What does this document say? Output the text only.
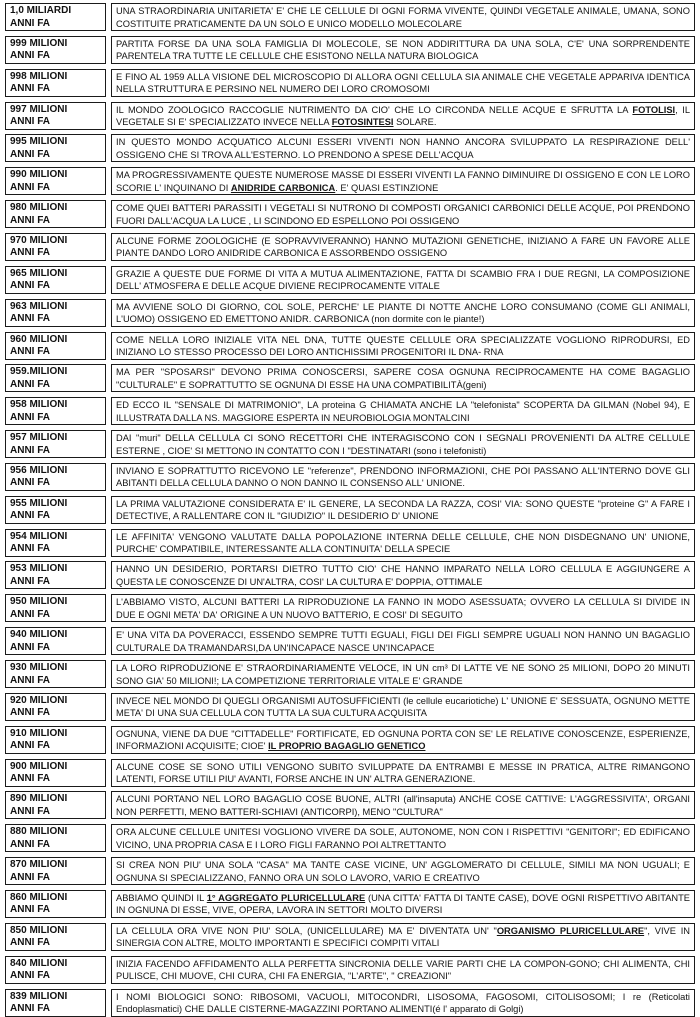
1,0 MILIARDI
ANNI FA
UNA STRAORDINARIA UNITARIETA' E' CHE LE CELLULE DI OGNI FORMA VIVENTE, QUINDI VEGETALE ANIMALE, UMANA, SONO COSTITUITE PRATICAMENTE DA UN SOLO E UNICO MODELLO MOLECOLARE
999 MILIONI
ANNI FA
PARTITA FORSE DA UNA SOLA FAMIGLIA DI MOLECOLE, SE NON ADDIRITTURA DA UNA SOLA, C'E' UNA SORPRENDENTE PARENTELA TRA TUTTE LE CELLULE CHE ESISTONO NELLA NATURA BIOLOGICA
998 MILIONI
ANNI FA
E FINO AL 1959 ALLA VISIONE DEL MICROSCOPIO DI ALLORA OGNI CELLULA SIA ANIMALE CHE VEGETALE APPARIVA IDENTICA NELLA STRUTTURA E PERSINO NEL NUMERO DEI LORO CROMOSOMI
997 MILIONI
ANNI FA
IL MONDO ZOOLOGICO RACCOGLIE NUTRIMENTO DA CIO' CHE LO CIRCONDA NELLE ACQUE E SFRUTTA LA FOTOLISI, IL VEGETALE SI E' SPECIALIZZATO INVECE NELLA FOTOSINTESI SOLARE.
995 MILIONI
ANNI FA
IN QUESTO MONDO ACQUATICO ALCUNI ESSERI VIVENTI NON HANNO ANCORA SVILUPPATO LA RESPIRAZIONE DELL' OSSIGENO CHE SI TROVA ALL'ESTERNO. LO PRENDONO A SPESE DELL'ACQUA
990 MILIONI
ANNI FA
MA PROGRESSIVAMENTE QUESTE NUMEROSE MASSE DI ESSERI VIVENTI LA FANNO DIMINUIRE DI OSSIGENO E CON LE LORO SCORIE L' INQUINANO DI ANIDRIDE CARBONICA. E' QUASI ESTINZIONE
980 MILIONI
ANNI FA
COME QUEI BATTERI PARASSITI I VEGETALI SI NUTRONO DI COMPOSTI ORGANICI CARBONICI DELLE ACQUE, POI PRENDONO FUORI DALL'ACQUA LA LUCE , LI SCINDONO ED ESPELLONO POI OSSIGENO
970 MILIONI
ANNI FA
ALCUNE FORME ZOOLOGICHE (E SOPRAVVIVERANNO) HANNO MUTAZIONI GENETICHE, INIZIANO A FARE UN FAVORE ALLE PIANTE DANDO LORO ANIDRIDE CARBONICA E ASSORBENDO OSSIGENO
965 MILIONI
ANNI FA
GRAZIE A QUESTE DUE FORME DI VITA A MUTUA ALIMENTAZIONE, FATTA DI SCAMBIO FRA I DUE REGNI, LA COMPOSIZIONE DELL' ATMOSFERA E DELLE ACQUE DIVIENE RECIPROCAMENTE VITALE
963 MILIONI
ANNI FA
MA AVVIENE SOLO DI GIORNO, COL SOLE, PERCHE' LE PIANTE DI NOTTE ANCHE LORO CONSUMANO (COME GLI ANIMALI, L'UOMO) OSSIGENO ED EMETTONO ANIDR. CARBONICA (non dormite con le piante!)
960 MILIONI
ANNI FA
COME NELLA LORO INIZIALE VITA NEL DNA, TUTTE QUESTE CELLULE ORA SPECIALIZZATE VOGLIONO RIPRODURSI, ED INIZIANO LO STESSO PROCESSO DEI LORO ANTICHISSIMI PROGENITORI IL DNA- RNA
959.MILIONI
ANNI FA
MA PER "SPOSARSI" DEVONO PRIMA CONOSCERSI, SAPERE COSA OGNUNA RECIPROCAMENTE HA COME BAGAGLIO "CULTURALE" E SOPRATTUTTO SE OGNUNA DI ESSE HA UNA COMPATIBILITÀ(geni)
958 MILIONI
ANNI FA
ED ECCO IL "SENSALE DI MATRIMONIO", LA proteina G CHIAMATA ANCHE LA "telefonista" SCOPERTA DA GILMAN (Nobel 94), E ILLUSTRATA DALLA NS. MAGGIORE ESPERTA IN NEUROBIOLOGIA MONTALCINI
957 MILIONI
ANNI FA
DAI "muri" DELLA CELLULA CI SONO RECETTORI CHE INTERAGISCONO CON I SEGNALI PROVENIENTI DA ALTRE CELLULE ESTERNE , CIOE' SI METTONO IN CONTATTO CON I "DESTINATARI (sono i telefonisti)
956 MILIONI
ANNI FA
INVIANO E SOPRATTUTTO RICEVONO LE "referenze", PRENDONO INFORMAZIONI, CHE POI PASSANO ALL'INTERNO DOVE GLI ABITANTI DELLA CELLULA DANNO O NON DANNO IL CONSENSO ALL' UNIONE.
955 MILIONI
ANNI FA
LA PRIMA VALUTAZIONE CONSIDERATA E' IL GENERE, LA SECONDA LA RAZZA, COSI' VIA: SONO QUESTE "proteine G" A FARE I DETECTIVE, A RALLENTARE CON IL "GIUDIZIO" IL DESIDERIO D' UNIONE
954 MILIONI
ANNI FA
LE AFFINITA' VENGONO VALUTATE DALLA POPOLAZIONE INTERNA DELLE CELLULE, CHE NON DISDEGNANO UN' UNIONE, PURCHE' COMPATIBILE, INTERESSANTE ALLA CONTINUITA' DELLA SPECIE
953 MILIONI
ANNI FA
HANNO UN DESIDERIO, PORTARSI DIETRO TUTTO CIO' CHE HANNO IMPARATO NELLA LORO CELLULA E AGGIUNGERE A QUESTA LE CONOSCENZE DI UN'ALTRA, COSI' LA CULTURA E' DOPPIA, OTTIMALE
950 MILIONI
ANNI FA
L'ABBIAMO VISTO, ALCUNI BATTERI LA RIPRODUZIONE LA FANNO IN MODO ASESSUATA; OVVERO LA CELLULA SI DIVIDE IN DUE E OGNI META' DA' ORIGINE A UN NUOVO BATTERIO, E COSI' DI SEGUITO
940 MILIONI
ANNI FA
E' UNA VITA DA POVERACCI, ESSENDO SEMPRE TUTTI EGUALI, FIGLI DEI FIGLI SEMPRE UGUALI NON HANNO UN BAGAGLIO CULTURALE DA TRAMANDARSI,DA UN'INCAPACE NASCE UN'INCAPACE
930 MILIONI
ANNI FA
LA LORO RIPRODUZIONE E' STRAORDINARIAMENTE VELOCE, IN UN cm³ DI LATTE VE NE SONO 25 MILIONI, DOPO 20 MINUTI SONO GIA' 50 MILIONI!; LA COMPETIZIONE TERRITORIALE VITALE E' GRANDE
920 MILIONI
ANNI FA
INVECE NEL MONDO DI QUEGLI ORGANISMI AUTOSUFFICIENTI (le cellule eucariotiche) L' UNIONE E' SESSUATA, OGNUNO METTE META' DI UNA SUA CELLULA CON TUTTA LA SUA CULTURA ACQUISITA
910 MILIONI
ANNI FA
OGNUNA, VIENE DA DUE "CITTADELLE" FORTIFICATE, ED OGNUNA PORTA CON SE' LE RELATIVE CONOSCENZE, ESPERIENZE, INFORMAZIONI ACQUISITE; CIOE' IL PROPRIO BAGAGLIO GENETICO
900 MILIONI
ANNI FA
ALCUNE COSE SE SONO UTILI VENGONO SUBITO SVILUPPATE DA ENTRAMBI E MESSE IN PRATICA, ALTRE RIMANGONO LATENTI, FORSE UTILI PIU' AVANTI, FORSE ANCHE IN UN' ALTRA GENERAZIONE.
890 MILIONI
ANNI FA
ALCUNI PORTANO NEL LORO BAGAGLIO COSE BUONE, ALTRI (all'insaputa) ANCHE COSE CATTIVE: L'AGGRESSIVITA', ORGANI NON PERFETTI, MENO BATTERI-SCHIAVI (ANTICORPI), MENO "CULTURA"
880 MILIONI
ANNI FA
ORA ALCUNE CELLULE UNITESI VOGLIONO VIVERE DA SOLE, AUTONOME, NON CON I RISPETTIVI "GENITORI"; ED EDIFICANO VICINO, UNA PROPRIA CASA E I LORO FIGLI FARANNO POI ALTRETTANTO
870 MILIONI
ANNI FA
SI CREA NON PIU' UNA SOLA "CASA" MA TANTE CASE VICINE, UN' AGGLOMERATO DI CELLULE, SIMILI MA NON UGUALI; E OGNUNA SI SPECIALIZZANO, FANNO ORA UN SOLO LAVORO, VARIO E CREATIVO
860 MILIONI
ANNI FA
ABBIAMO QUINDI IL 1° AGGREGATO PLURICELLULARE (UNA CITTA' FATTA DI TANTE CASE), DOVE OGNI RISPETTIVO ABITANTE IN OGNUNA DI ESSE, VIVE, OPERA, LAVORA IN SETTORI MOLTO DIVERSI
850 MILIONI
ANNI FA
LA CELLULA ORA VIVE NON PIU' SOLA, (UNICELLULARE) MA E' DIVENTATA UN' "ORGANISMO PLURICELLULARE", VIVE IN SINERGIA CON ALTRE, MOLTO IMPORTANTI E SPECIFICI COMPITI VITALI
840 MILIONI
ANNI FA
INIZIA FACENDO AFFIDAMENTO ALLA PERFETTA SINCRONIA DELLE VARIE PARTI CHE LA COMPON-GONO; CHI ALIMENTA, CHI PULISCE, CHI MUOVE, CHI CURA, CHI FA ENERGIA, "L'ARTE", " CREAZIONI"
839 MILIONI
ANNI FA
I NOMI BIOLOGICI SONO: RIBOSOMI, VACUOLI, MITOCONDRI, LISOSOMA, FAGOSOMI, CITOLISOSOMI; I re (Reticolati Endoplasmatici) CHE DALLE CISTERNE-MAGAZZINI PORTANO ALIMENTI(é l' apparato di Golgi)
